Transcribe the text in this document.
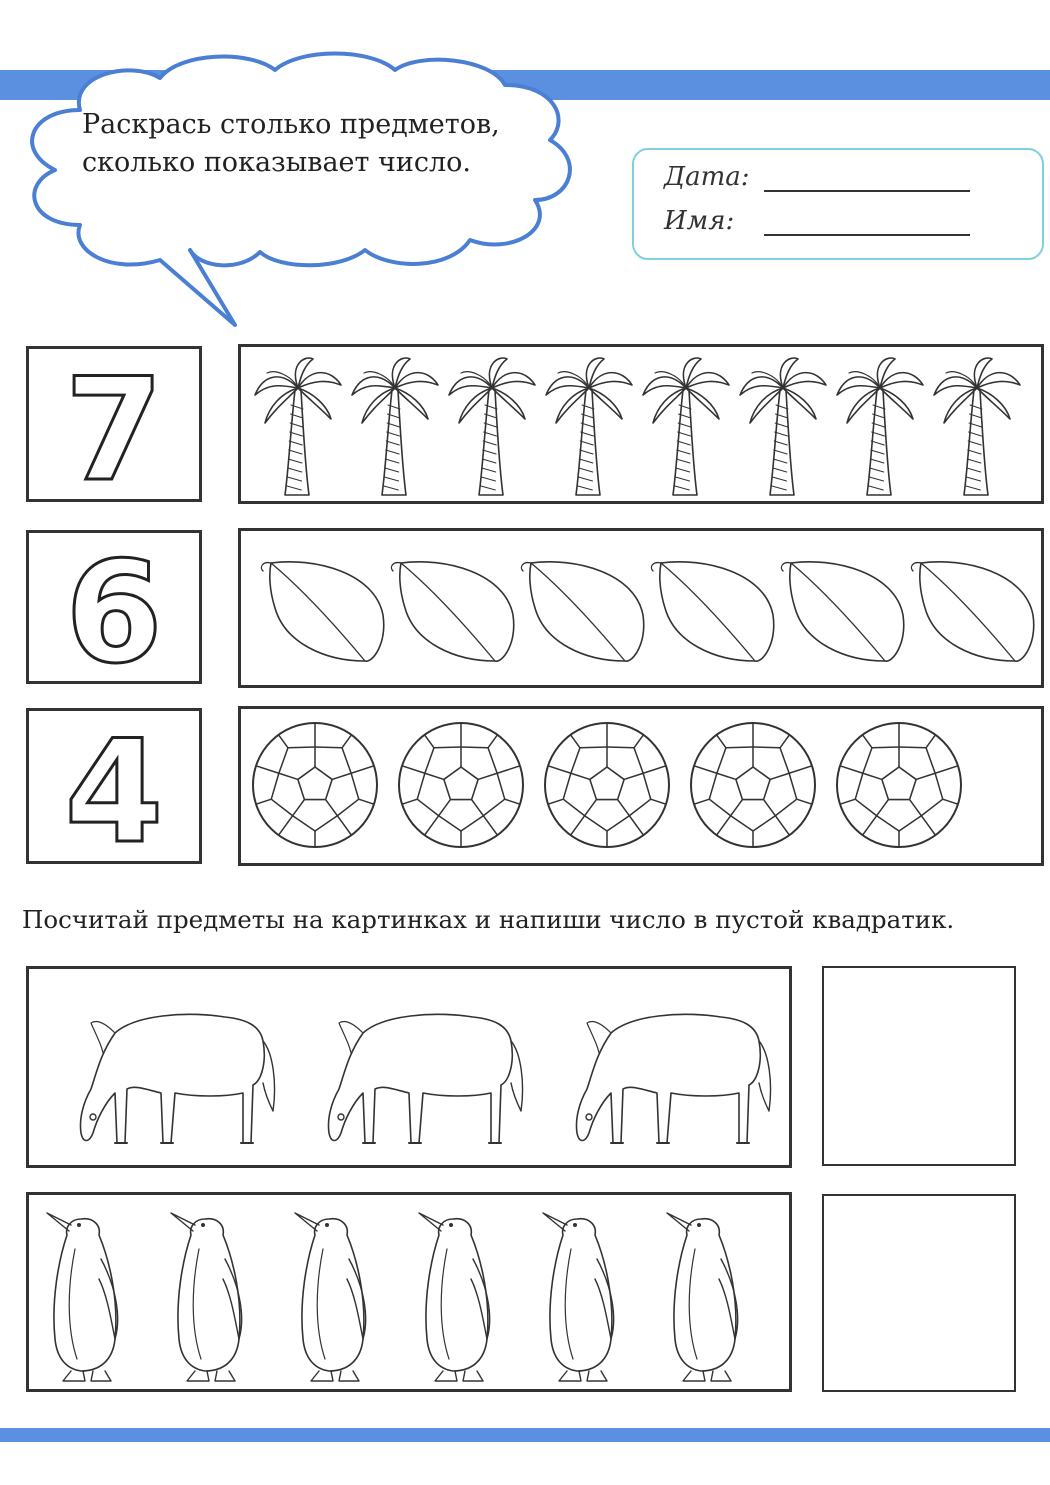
Раскрась столько предметов, сколько показывает число.	Дата:
Имя:
7
6
4

Посчитай предметы на картинках и напиши число в пустой квадратик.
